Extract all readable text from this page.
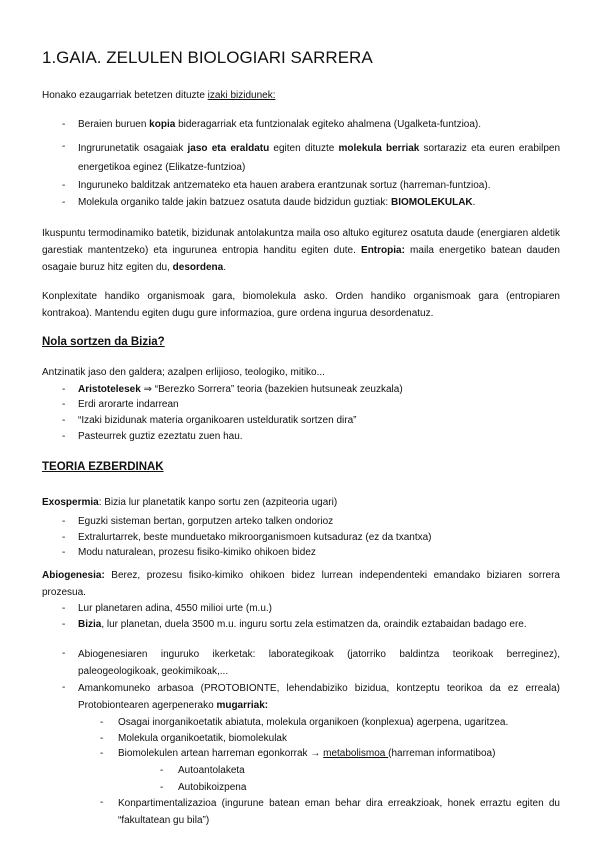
1.GAIA. ZELULEN BIOLOGIARI SARRERA
Honako ezaugarriak betetzen dituzte izaki bizidunek:
- Beraien buruen kopia bideragarriak eta funtzionalak egiteko ahalmena (Ugalketa-funtzioa).
- Ingrurunetatik osagaiak jaso eta eraldatu egiten dituzte molekula berriak sortaraziz eta euren erabilpen energetikoa eginez (Elikatze-funtzioa)
- Inguruneko balditzak antzemateko eta hauen arabera erantzunak sortuz (harreman-funtzioa).
- Molekula organiko talde jakin batzuez osatuta daude bidzidun guztiak: BIOMOLEKULAK.
Ikuspuntu termodinamiko batetik, bizidunak antolakuntza maila oso altuko egiturez osatuta daude (energiaren aldetik garestiak mantentzeko) eta ingurunea entropia handitu egiten dute. Entropia: maila energetiko batean dauden osagaie buruz hitz egiten du, desordena.
Konplexitate handiko organismoak gara, biomolekula asko. Orden handiko organismoak gara (entropiaren kontrakoa). Mantendu egiten dugu gure informazioa, gure ordena ingurua desordenatuz.
Nola sortzen da Bizia?
Antzinatik jaso den galdera; azalpen erlijioso, teologiko, mitiko...
- Aristotelesek ⇒ “Berezko Sorrera” teoria (bazekien hutsuneak zeuzkala)
- Erdi arorarte indarrean
- “Izaki bizidunak materia organikoaren ustelduratik sortzen dira”
- Pasteurrek guztiz ezeztatu zuen hau.
TEORIA EZBERDINAK
Exospermia: Bizia lur planetatik kanpo sortu zen (azpiteoria ugari)
- Eguzki sisteman bertan, gorputzen arteko talken ondorioz
- Extralurtarrek, beste munduetako mikroorganismoen kutsaduraz (ez da txantxa)
- Modu naturalean, prozesu fisiko-kimiko ohikoen bidez
Abiogenesia: Berez, prozesu fisiko-kimiko ohikoen bidez lurrean independenteki emandako biziaren sorrera prozesua.
- Lur planetaren adina, 4550 milioi urte (m.u.)
- Bizia, lur planetan, duela 3500 m.u. inguru sortu zela estimatzen da, oraindik eztabaidan badago ere.
- Abiogenesiaren inguruko ikerketak: laborategikoak (jatorriko baldintza teorikoak berreginez), paleogeologikoak, geokimikoak,...
- Amankomuneko arbasoa (PROTOBIONTE, lehendabiziko bizidua, kontzeptu teorikoa da ez erreala) Protobiontearen agerpenerako mugarriak:
- Osagai inorganikoetatik abiatuta, molekula organikoen (konplexua) agerpena, ugaritzea.
- Molekula organikoetatik, biomolekulak
- Biomolekulen artean harreman egonkorrak → metabolismoa (harreman informatiboa)
- Autoantolaketa
- Autobikoizpena
- Konpartimentalizazioa (ingurune batean eman behar dira erreakzioak, honek erraztu egiten du “fakultatean gu bila”)
